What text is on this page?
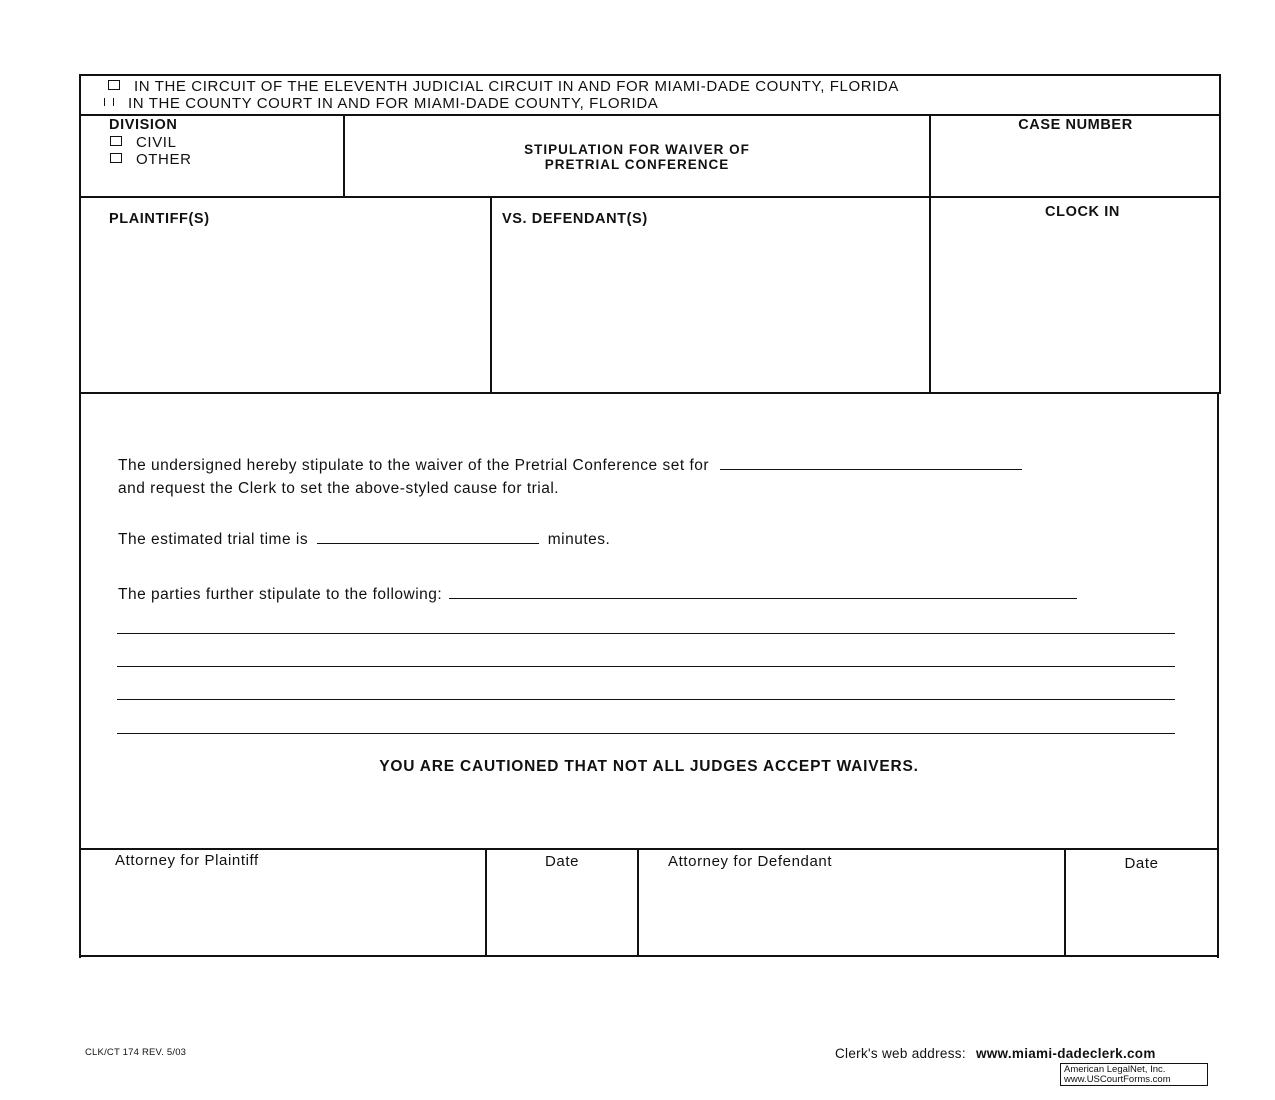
IN THE CIRCUIT OF THE ELEVENTH JUDICIAL CIRCUIT IN AND FOR MIAMI-DADE COUNTY, FLORIDA
IN THE COUNTY COURT IN AND FOR MIAMI-DADE COUNTY, FLORIDA
DIVISION
CIVIL
OTHER
STIPULATION FOR WAIVER OF
PRETRIAL CONFERENCE
CASE NUMBER
PLAINTIFF(S)	VS. DEFENDANT(S)	CLOCK IN
The undersigned hereby stipulate to the waiver of the Pretrial Conference set for
and request the Clerk to set the above-styled cause for trial.
The estimated trial time is	minutes.
The parties further stipulate to the following:
YOU ARE CAUTIONED THAT NOT ALL JUDGES ACCEPT WAIVERS.
Attorney for Plaintiff	Date	Attorney for Defendant	Date
CLK/CT 174 REV. 5/03	Clerk's web address: www.miami-dadeclerk.com
American LegalNet, Inc.
www.USCourtForms.com
